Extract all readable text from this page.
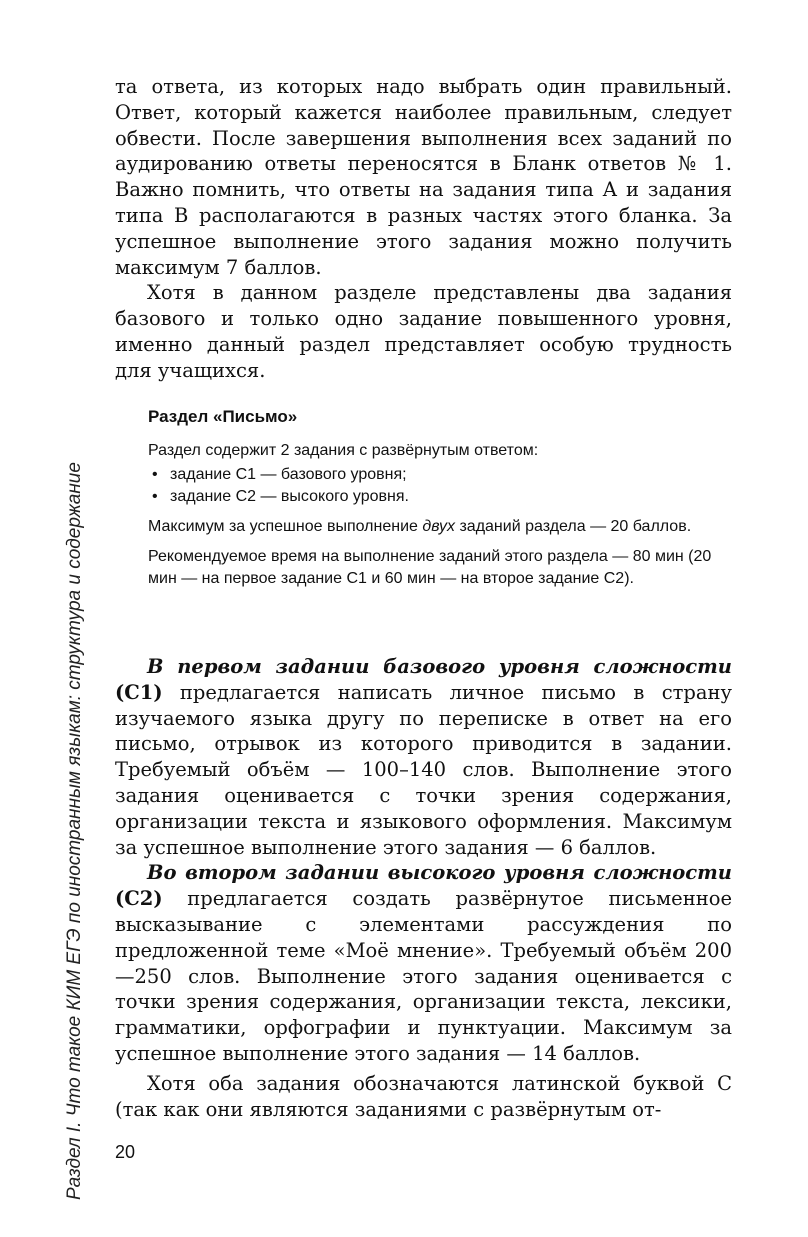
Раздел I. Что такое КИМ ЕГЭ по иностранным языкам: структура и содержание

та ответа, из которых надо выбрать один правильный. Ответ, который кажется наиболее правильным, следует обвести. После завершения выполнения всех заданий по аудированию ответы переносятся в Бланк ответов № 1. Важно помнить, что ответы на задания типа А и задания типа В располагаются в разных частях этого бланка. За успешное выполнение этого задания можно получить максимум 7 баллов.

Хотя в данном разделе представлены два задания базового и только одно задание повышенного уровня, именно данный раздел представляет особую трудность для учащихся.

Раздел «Письмо»

Раздел содержит 2 задания с развёрнутым ответом:

• задание С1 — базового уровня;
• задание С2 — высокого уровня.

Максимум за успешное выполнение двух заданий раздела — 20 баллов.

Рекомендуемое время на выполнение заданий этого раздела — 80 мин (20 мин — на первое задание С1 и 60 мин — на второе задание С2).

В первом задании базового уровня сложности (С1) предлагается написать личное письмо в страну изучаемого языка другу по переписке в ответ на его письмо, отрывок из которого приводится в задании. Требуемый объём — 100–140 слов. Выполнение этого задания оценивается с точки зрения содержания, организации текста и языкового оформления. Максимум за успешное выполнение этого задания — 6 баллов.

Во втором задании высокого уровня сложности (С2) предлагается создать развёрнутое письменное высказывание с элементами рассуждения по предложенной теме «Моё мнение». Требуемый объём 200—250 слов. Выполнение этого задания оценивается с точки зрения содержания, организации текста, лексики, грамматики, орфографии и пунктуации. Максимум за успешное выполнение этого задания — 14 баллов.

Хотя оба задания обозначаются латинской буквой С (так как они являются заданиями с развёрнутым от-

20
